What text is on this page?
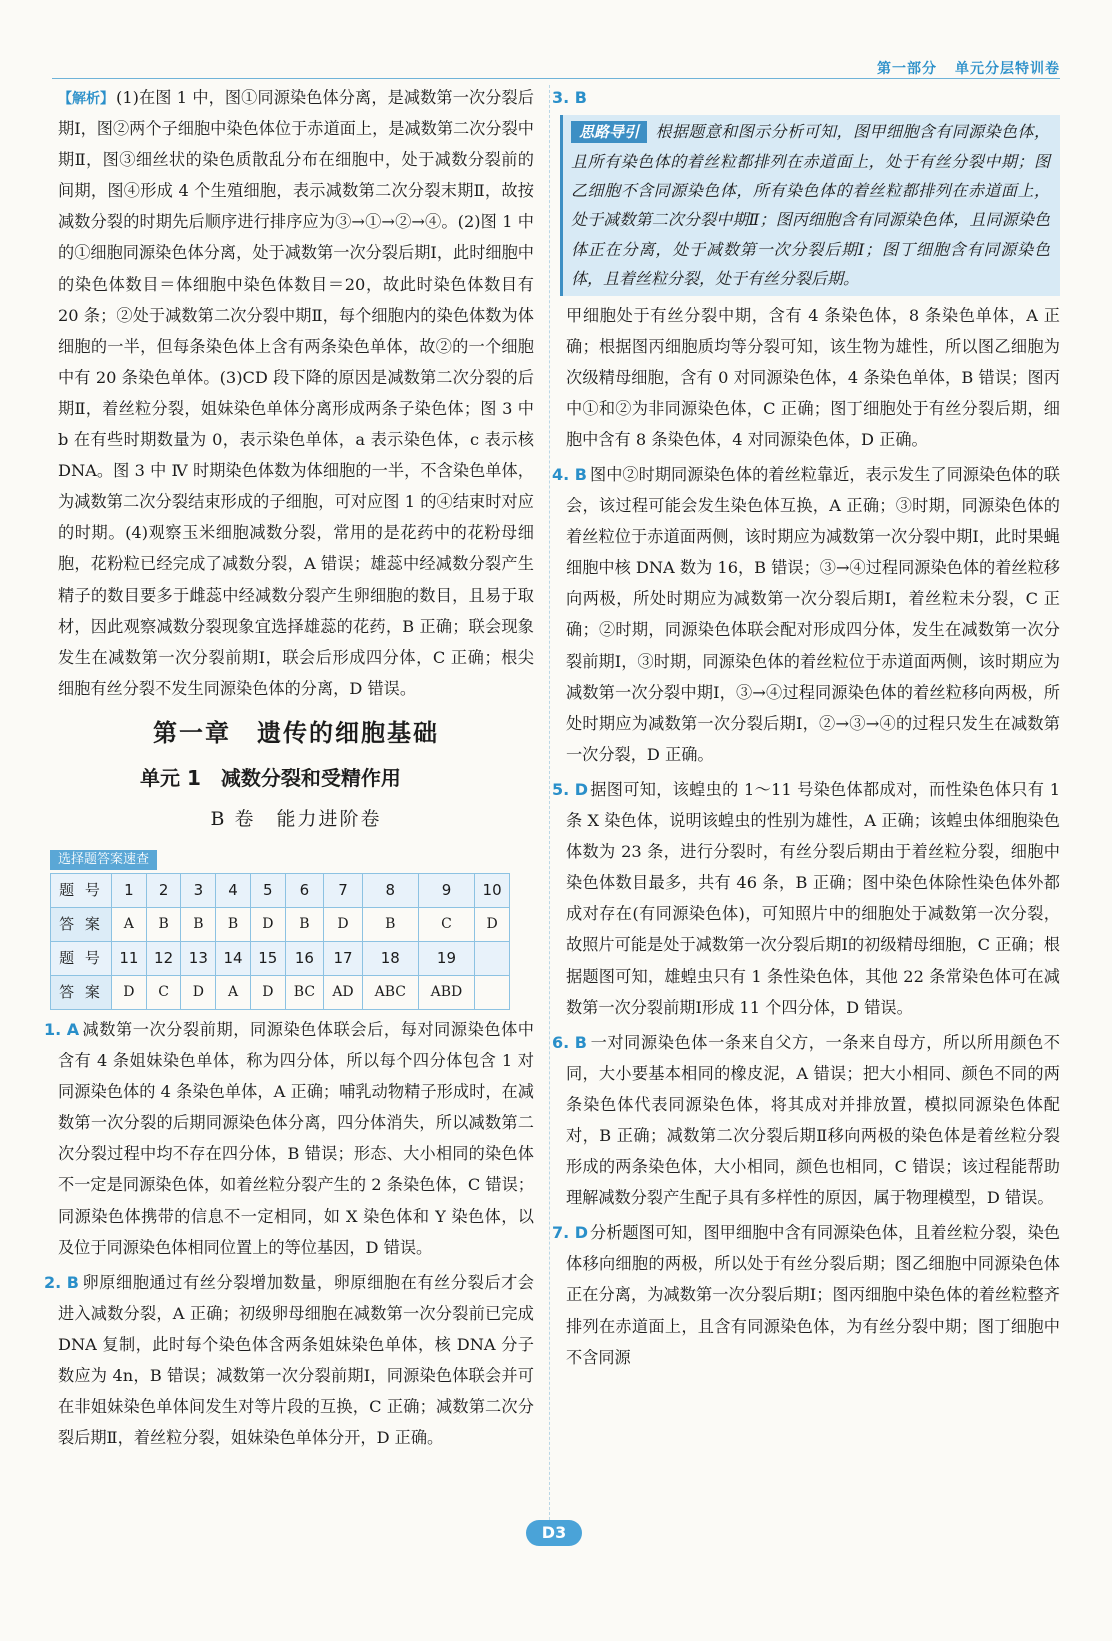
第一部分 单元分层特训卷

【解析】 (1)在图 1 中，图①同源染色体分离，是减数第一次分裂后期Ⅰ，图②两个子细胞中染色体位于赤道面上，是减数第二次分裂中期Ⅱ，图③细丝状的染色质散乱分布在细胞中，处于减数分裂前的间期，图④形成 4 个生殖细胞，表示减数第二次分裂末期Ⅱ，故按减数分裂的时期先后顺序进行排序应为③→①→②→④。(2)图 1 中的①细胞同源染色体分离，处于减数第一次分裂后期Ⅰ，此时细胞中的染色体数目＝体细胞中染色体数目＝20，故此时染色体数目有 20 条；②处于减数第二次分裂中期Ⅱ，每个细胞内的染色体数为体细胞的一半，但每条染色体上含有两条染色单体，故②的一个细胞中有 20 条染色单体。(3)CD 段下降的原因是减数第二次分裂的后期Ⅱ，着丝粒分裂，姐妹染色单体分离形成两条子染色体；图 3 中 b 在有些时期数量为 0，表示染色单体，a 表示染色体，c 表示核 DNA。图 3 中 Ⅳ 时期染色体数为体细胞的一半，不含染色单体，为减数第二次分裂结束形成的子细胞，可对应图 1 的④结束时对应的时期。(4)观察玉米细胞减数分裂，常用的是花药中的花粉母细胞，花粉粒已经完成了减数分裂，A 错误；雄蕊中经减数分裂产生精子的数目要多于雌蕊中经减数分裂产生卵细胞的数目，且易于取材，因此观察减数分裂现象宜选择雄蕊的花药，B 正确；联会现象发生在减数第一次分裂前期Ⅰ，联会后形成四分体，C 正确；根尖细胞有丝分裂不发生同源染色体的分离，D 错误。

第一章　遗传的细胞基础
单元 1　减数分裂和受精作用
B 卷　能力进阶卷
选择题答案速查
题 号	1	2	3	4	5	6	7	8	9	10
答 案	A	B	B	B	D	B	D	B	C	D
题 号	11	12	13	14	15	16	17	18	19	
答 案	D	C	D	A	D	BC	AD	ABC	ABD	

1. A 减数第一次分裂前期，同源染色体联会后，每对同源染色体中含有 4 条姐妹染色单体，称为四分体，所以每个四分体包含 1 对同源染色体的 4 条染色单体，A 正确；哺乳动物精子形成时，在减数第一次分裂的后期同源染色体分离，四分体消失，所以减数第二次分裂过程中均不存在四分体，B 错误；形态、大小相同的染色体不一定是同源染色体，如着丝粒分裂产生的 2 条染色体，C 错误；同源染色体携带的信息不一定相同，如 X 染色体和 Y 染色体，以及位于同源染色体相同位置上的等位基因，D 错误。

2. B 卵原细胞通过有丝分裂增加数量，卵原细胞在有丝分裂后才会进入减数分裂，A 正确；初级卵母细胞在减数第一次分裂前已完成 DNA 复制，此时每个染色体含两条姐妹染色单体，核 DNA 分子数应为 4n，B 错误；减数第一次分裂前期Ⅰ，同源染色体联会并可在非姐妹染色单体间发生对等片段的互换，C 正确；减数第二次分裂后期Ⅱ，着丝粒分裂，姐妹染色单体分开，D 正确。

3. B

思路导引 根据题意和图示分析可知，图甲细胞含有同源染色体，且所有染色体的着丝粒都排列在赤道面上，处于有丝分裂中期；图乙细胞不含同源染色体，所有染色体的着丝粒都排列在赤道面上，处于减数第二次分裂中期Ⅱ；图丙细胞含有同源染色体，且同源染色体正在分离，处于减数第一次分裂后期Ⅰ；图丁细胞含有同源染色体，且着丝粒分裂，处于有丝分裂后期。

甲细胞处于有丝分裂中期，含有 4 条染色体，8 条染色单体，A 正确；根据图丙细胞质均等分裂可知，该生物为雄性，所以图乙细胞为次级精母细胞，含有 0 对同源染色体，4 条染色单体，B 错误；图丙中①和②为非同源染色体，C 正确；图丁细胞处于有丝分裂后期，细胞中含有 8 条染色体，4 对同源染色体，D 正确。

4. B 图中②时期同源染色体的着丝粒靠近，表示发生了同源染色体的联会，该过程可能会发生染色体互换，A 正确；③时期，同源染色体的着丝粒位于赤道面两侧，该时期应为减数第一次分裂中期Ⅰ，此时果蝇细胞中核 DNA 数为 16，B 错误；③→④过程同源染色体的着丝粒移向两极，所处时期应为减数第一次分裂后期Ⅰ，着丝粒未分裂，C 正确；②时期，同源染色体联会配对形成四分体，发生在减数第一次分裂前期Ⅰ，③时期，同源染色体的着丝粒位于赤道面两侧，该时期应为减数第一次分裂中期Ⅰ，③→④过程同源染色体的着丝粒移向两极，所处时期应为减数第一次分裂后期Ⅰ，②→③→④的过程只发生在减数第一次分裂，D 正确。

5. D 据图可知，该蝗虫的 1～11 号染色体都成对，而性染色体只有 1 条 X 染色体，说明该蝗虫的性别为雄性，A 正确；该蝗虫体细胞染色体数为 23 条，进行分裂时，有丝分裂后期由于着丝粒分裂，细胞中染色体数目最多，共有 46 条，B 正确；图中染色体除性染色体外都成对存在(有同源染色体)，可知照片中的细胞处于减数第一次分裂，故照片可能是处于减数第一次分裂后期Ⅰ的初级精母细胞，C 正确；根据题图可知，雄蝗虫只有 1 条性染色体，其他 22 条常染色体可在减数第一次分裂前期Ⅰ形成 11 个四分体，D 错误。

6. B 一对同源染色体一条来自父方，一条来自母方，所以所用颜色不同，大小要基本相同的橡皮泥，A 错误；把大小相同、颜色不同的两条染色体代表同源染色体，将其成对并排放置，模拟同源染色体配对，B 正确；减数第二次分裂后期Ⅱ移向两极的染色体是着丝粒分裂形成的两条染色体，大小相同，颜色也相同，C 错误；该过程能帮助理解减数分裂产生配子具有多样性的原因，属于物理模型，D 错误。

7. D 分析题图可知，图甲细胞中含有同源染色体，且着丝粒分裂，染色体移向细胞的两极，所以处于有丝分裂后期；图乙细胞中同源染色体正在分离，为减数第一次分裂后期Ⅰ；图丙细胞中染色体的着丝粒整齐排列在赤道面上，且含有同源染色体，为有丝分裂中期；图丁细胞中不含同源

D3
